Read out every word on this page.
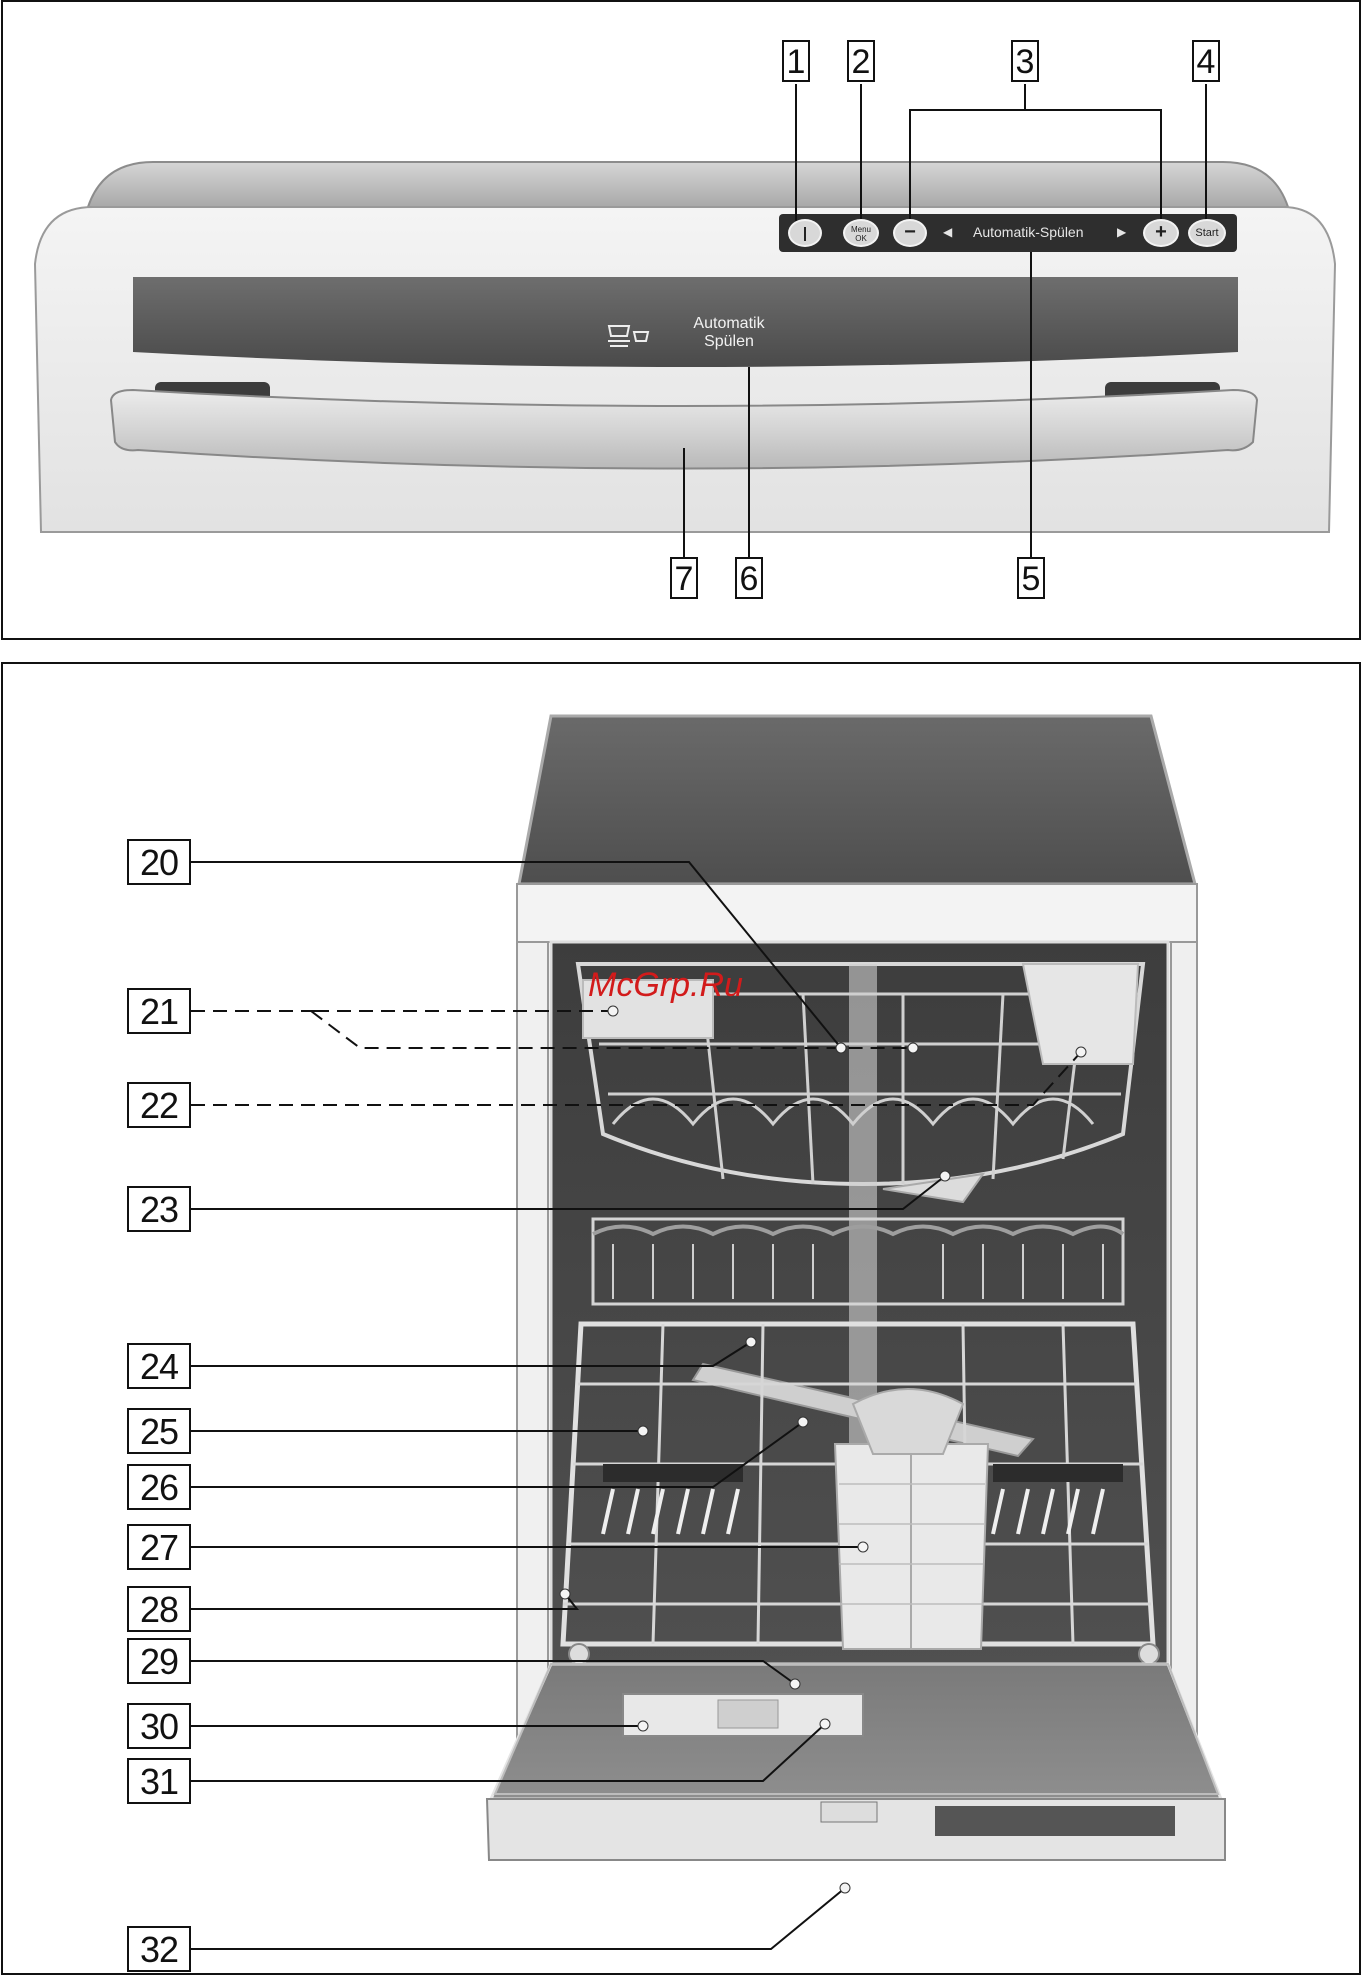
Menu
OK	−	◀ Automatik-Spülen	▶	+	Start
Automatik
Spülen
1 2	3	4
7 6	5
McGrp.Ru
20
21
22
23
24
25
26
27
28
29
30
31
32
